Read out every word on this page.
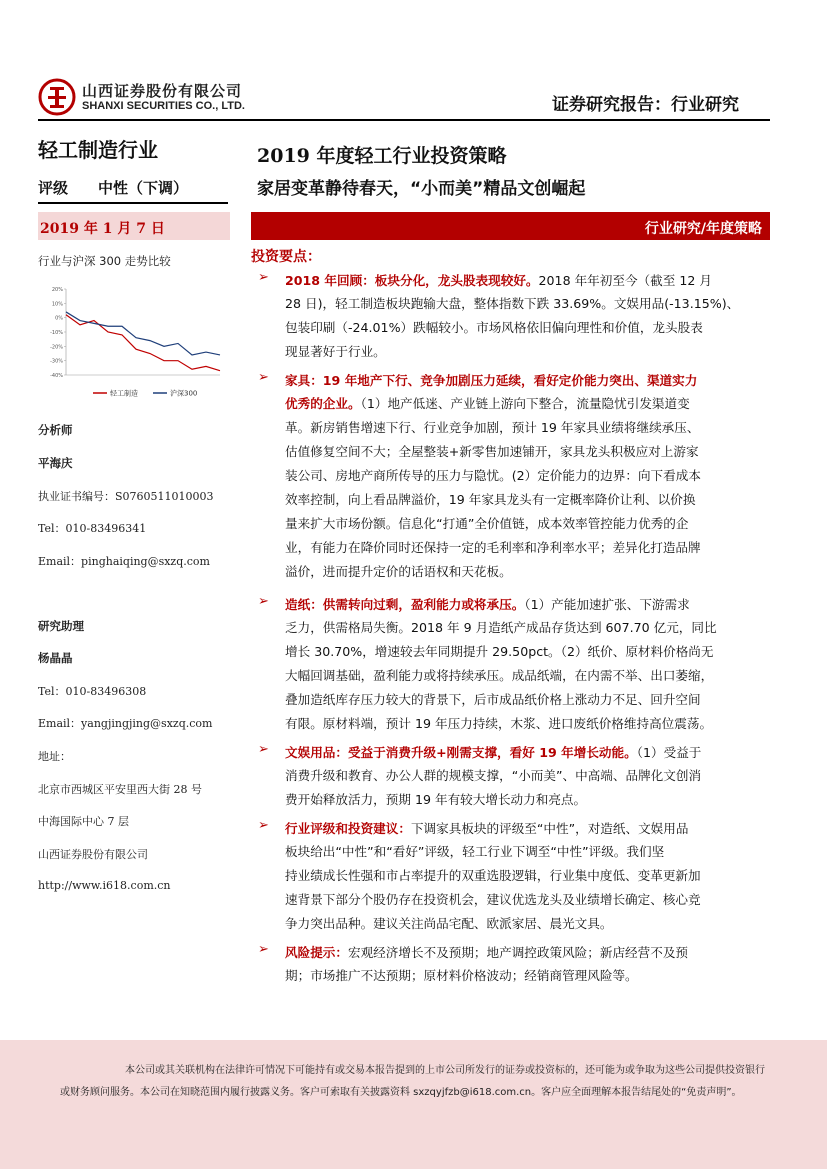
山西证券股份有限公司
SHANXI SECURITIES CO., LTD.	证券研究报告：行业研究
轻工制造行业
评级 中性（下调）
2019 年度轻工行业投资策略
家居变革静待春天，“小而美”精品文创崛起
2019 年 1 月 7 日	行业研究/年度策略
行业与沪深 300 走势比较
-40%
-30%
-20%
-10%
0%
10%
20%
轻工制造	沪深300
分析师
平海庆
执业证书编号：S0760511010003
Tel：010-83496341
Email：pinghaiqing@sxzq.com
研究助理
杨晶晶
Tel：010-83496308
Email：yangjingjing@sxzq.com
地址：
北京市西城区平安里西大街 28 号
中海国际中心 7 层
山西证券股份有限公司
http://www.i618.com.cn
投资要点：
➢ 2018 年回顾：板块分化，龙头股表现较好。2018 年年初至今（截至 12 月
28 日)，轻工制造板块跑输大盘，整体指数下跌 33.69%。文娱用品(-13.15%)、
包装印刷（-24.01%）跌幅较小。市场风格依旧偏向理性和价值，龙头股表
现显著好于行业。
➢ 家具：19 年地产下行、竞争加剧压力延续，看好定价能力突出、渠道实力
优秀的企业。（1）地产低迷、产业链上游向下整合，流量隐忧引发渠道变
革。新房销售增速下行、行业竞争加剧，预计 19 年家具业绩将继续承压、
估值修复空间不大；全屋整装+新零售加速铺开，家具龙头积极应对上游家
装公司、房地产商所传导的压力与隐忧。(2）定价能力的边界：向下看成本
效率控制，向上看品牌溢价，19 年家具龙头有一定概率降价让利、以价换
量来扩大市场份额。信息化“打通”全价值链，成本效率管控能力优秀的企
业，有能力在降价同时还保持一定的毛利率和净利率水平；差异化打造品牌
溢价，进而提升定价的话语权和天花板。
➢ 造纸：供需转向过剩，盈利能力或将承压。（1）产能加速扩张、下游需求
乏力，供需格局失衡。2018 年 9 月造纸产成品存货达到 607.70 亿元，同比
增长 30.70%，增速较去年同期提升 29.50pct。（2）纸价、原材料价格尚无
大幅回调基础，盈利能力或将持续承压。成品纸端，在内需不举、出口萎缩，
叠加造纸库存压力较大的背景下，后市成品纸价格上涨动力不足、回升空间
有限。原材料端，预计 19 年压力持续，木浆、进口废纸价格维持高位震荡。
➢ 文娱用品：受益于消费升级+刚需支撑，看好 19 年增长动能。（1）受益于
消费升级和教育、办公人群的规模支撑，“小而美”、中高端、品牌化文创消
费开始释放活力，预期 19 年有较大增长动力和亮点。
➢ 行业评级和投资建议：下调家具板块的评级至“中性”，对造纸、文娱用品
板块给出“中性”和“看好”评级，轻工行业下调至“中性”评级。我们坚
持业绩成长性强和市占率提升的双重选股逻辑，行业集中度低、变革更新加
速背景下部分个股仍存在投资机会，建议优选龙头及业绩增长确定、核心竞
争力突出品种。建议关注尚品宅配、欧派家居、晨光文具。
➢ 风险提示：宏观经济增长不及预期；地产调控政策风险；新店经营不及预
期；市场推广不达预期；原材料价格波动；经销商管理风险等。
本公司或其关联机构在法律许可情况下可能持有或交易本报告提到的上市公司所发行的证券或投资标的，还可能为或争取为这些公司提供投资银行
或财务顾问服务。本公司在知晓范围内履行披露义务。客户可索取有关披露资料 sxzqyjfzb@i618.com.cn。客户应全面理解本报告结尾处的“免责声明”。
